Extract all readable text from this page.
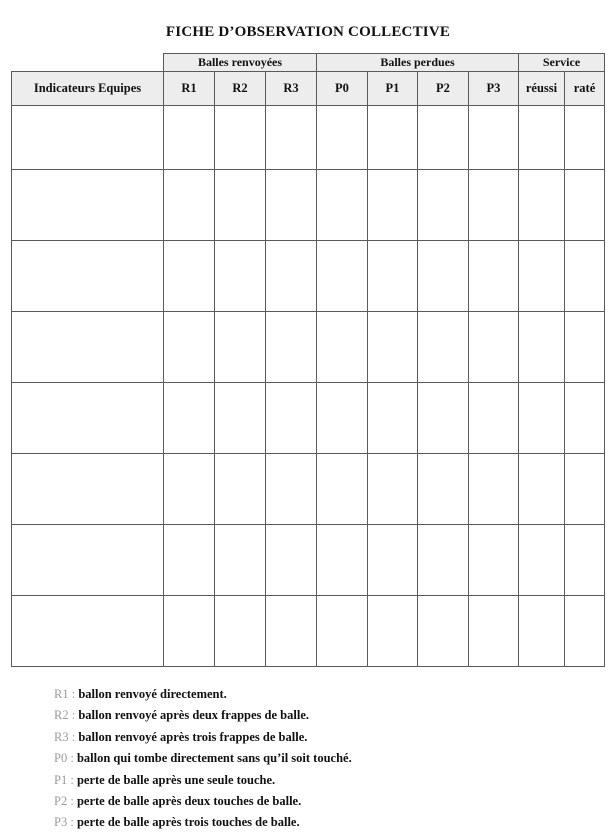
FICHE D’OBSERVATION COLLECTIVE
	Balles renvoyées			Balles perdues				Service	
Indicateurs Equipes	R1	R2	R3	P0	P1	P2	P3	réussi	raté

R1 : ballon renvoyé directement.
R2 : ballon renvoyé après deux frappes de balle.
R3 : ballon renvoyé après trois frappes de balle.
P0 : ballon qui tombe directement sans qu’il soit touché.
P1 : perte de balle après une seule touche.
P2 : perte de balle après deux touches de balle.
P3 : perte de balle après trois touches de balle.
